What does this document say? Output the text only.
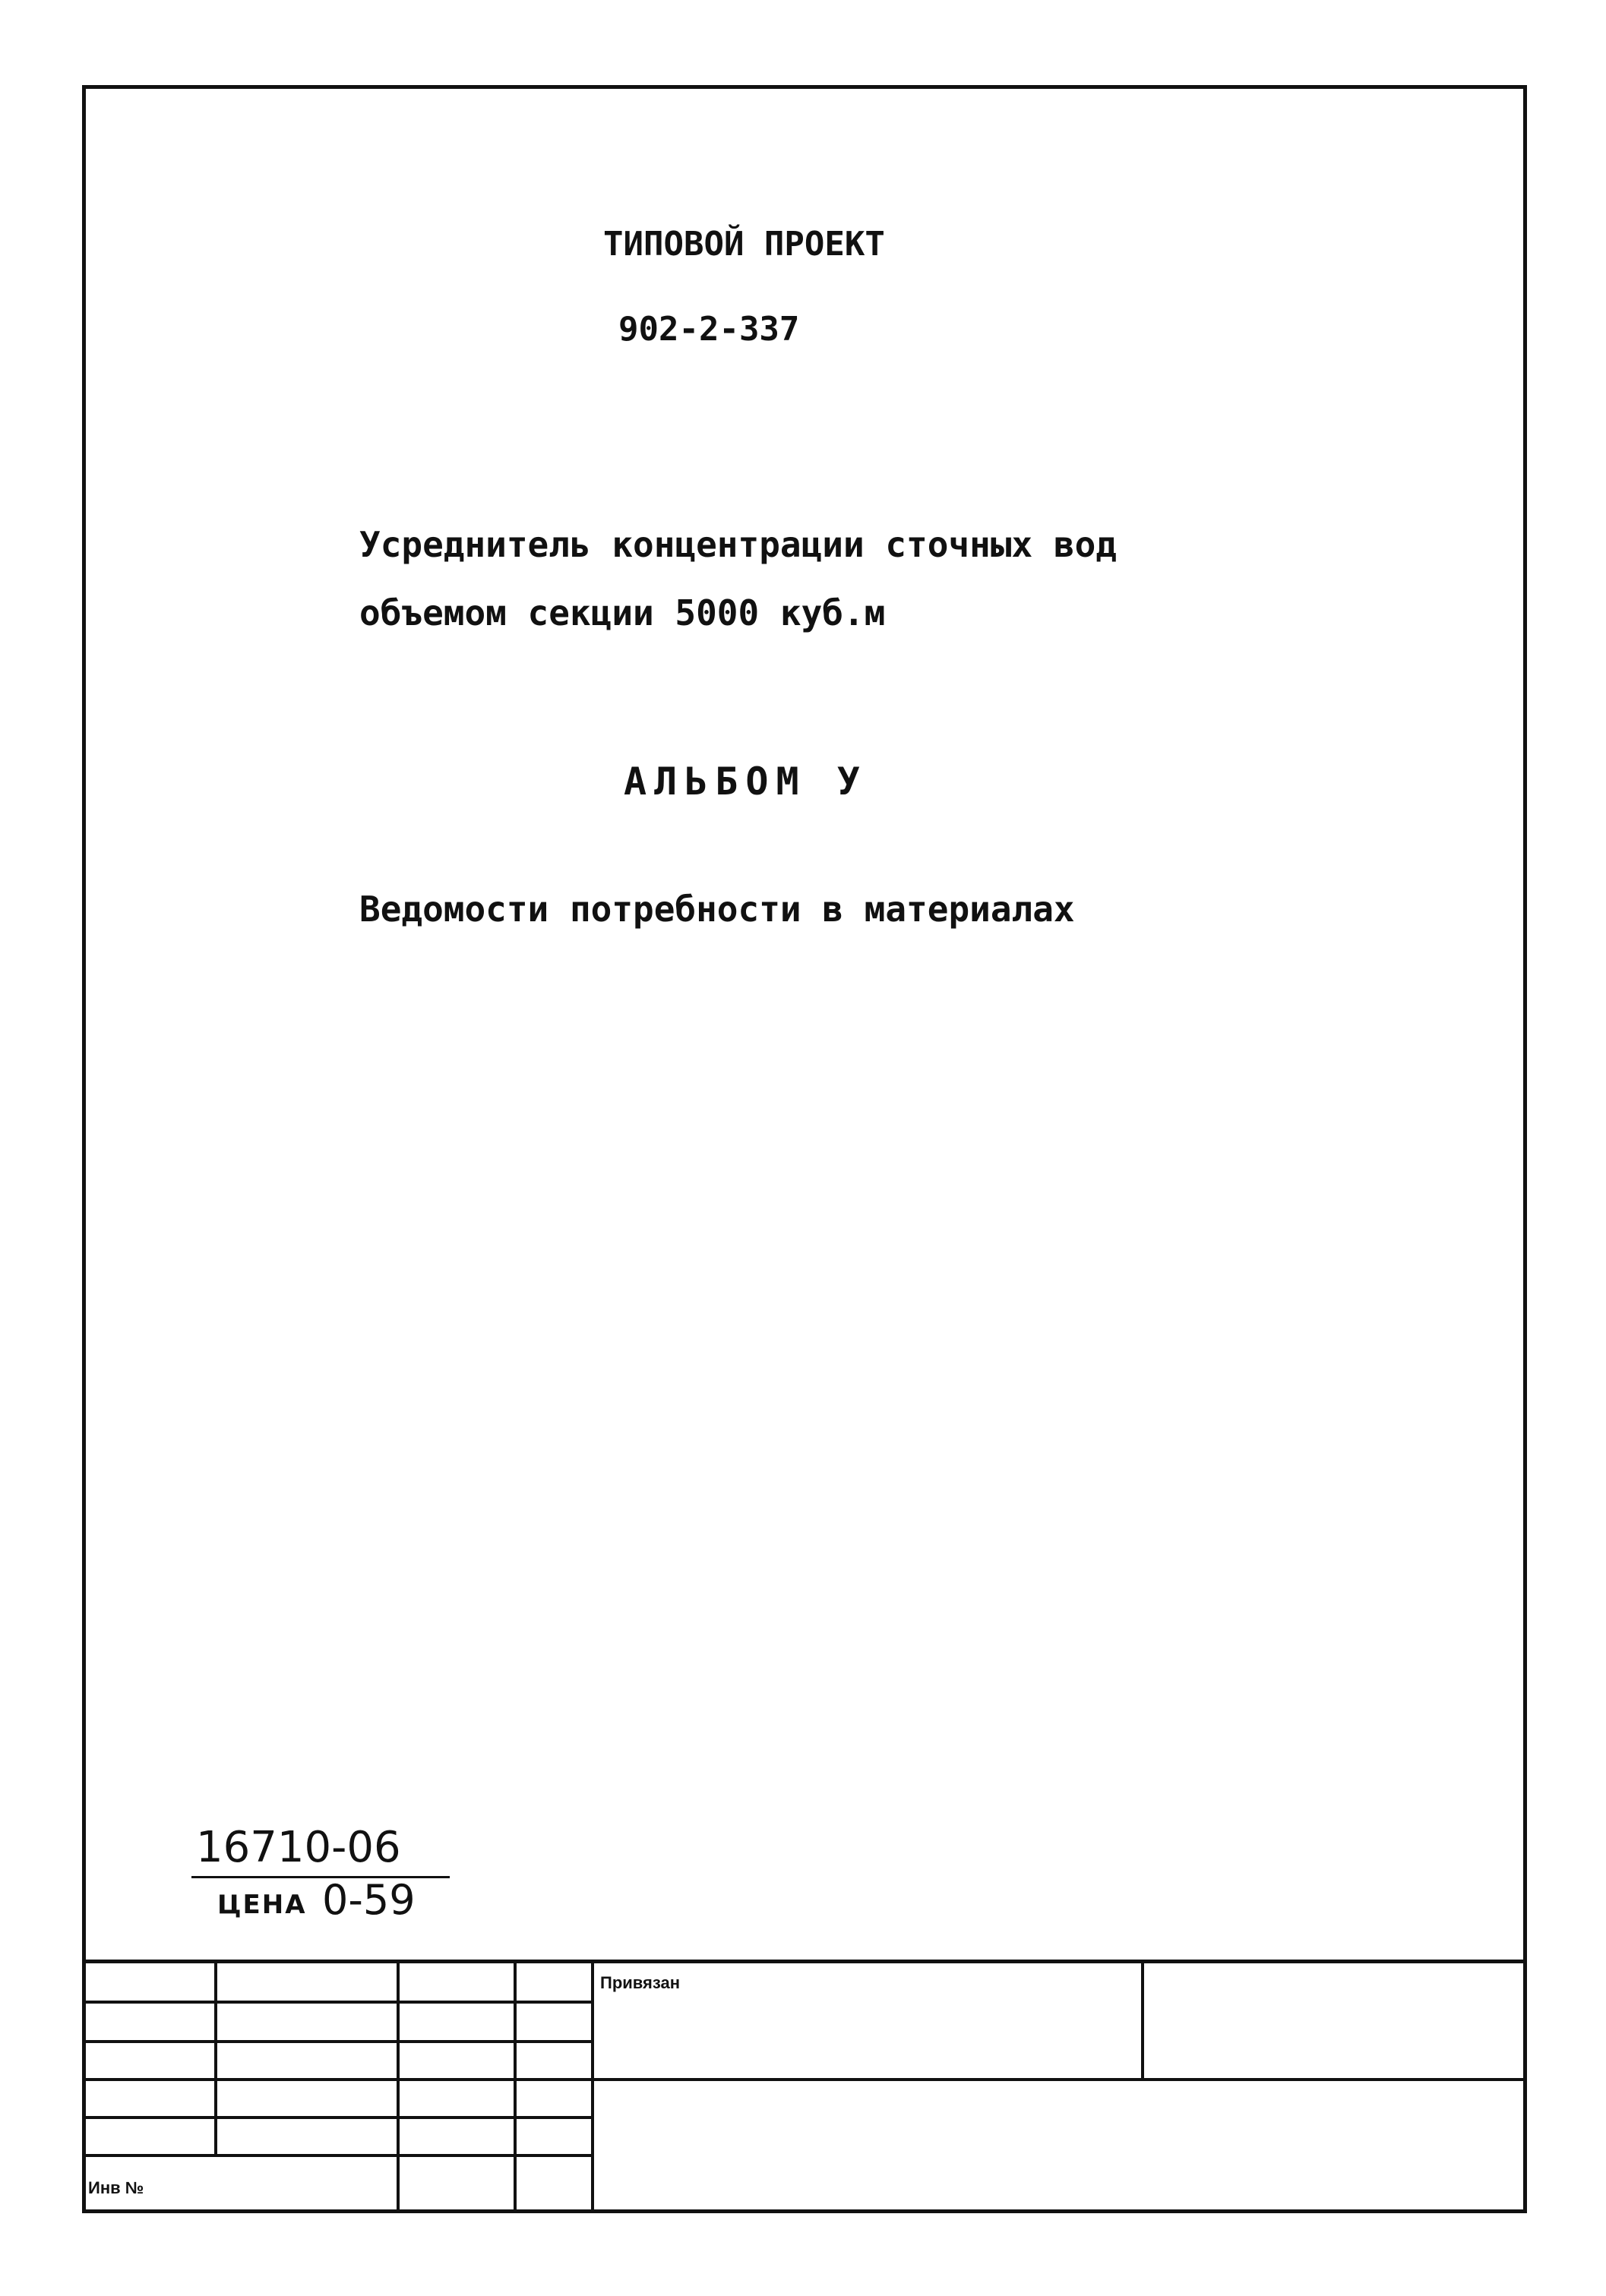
ТИПОВОЙ ПРОЕКТ
902-2-337
Усреднитель концентрации сточных вод
объемом секции 5000 куб.м
АЛЬБОМ У
Ведомости потребности в материалах
16710-06
ЦЕНА 0-59
Привязан
Инв №
